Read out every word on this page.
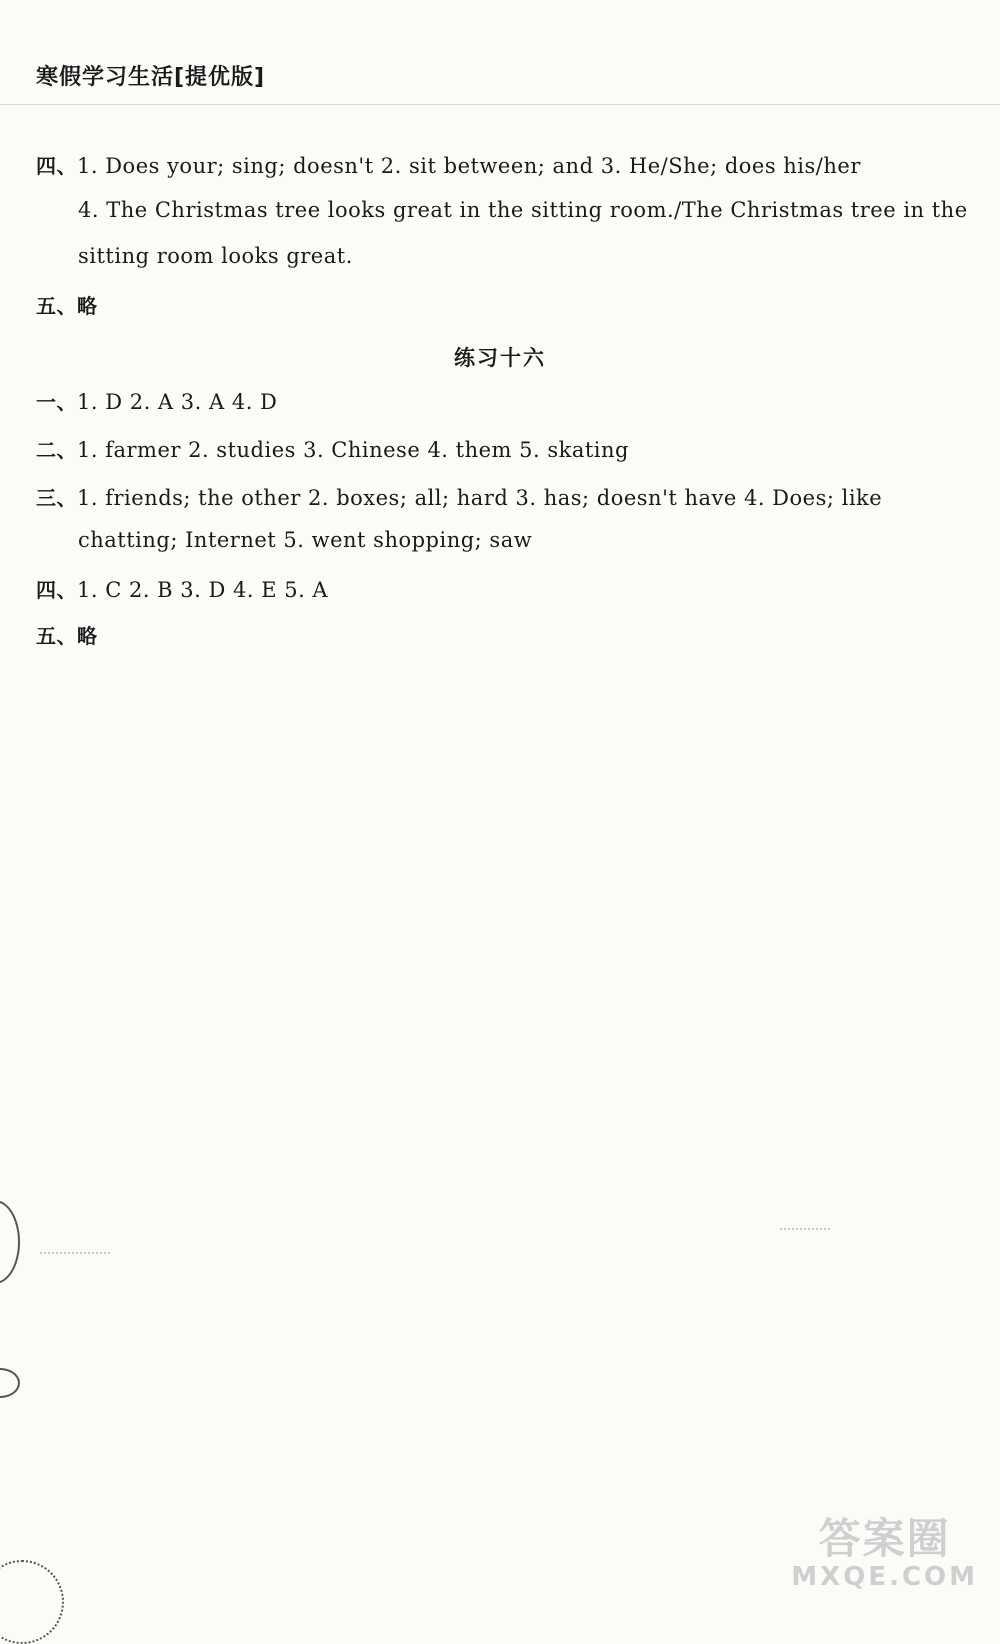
寒假学习生活[提优版]
四、1. Does your; sing; doesn't 2. sit between; and 3. He/She; does his/her
4. The Christmas tree looks great in the sitting room./The Christmas tree in the
sitting room looks great.
五、略
练习十六
一、1. D 2. A 3. A 4. D
二、1. farmer 2. studies 3. Chinese 4. them 5. skating
三、1. friends; the other 2. boxes; all; hard 3. has; doesn't have 4. Does; like
chatting; Internet 5. went shopping; saw
四、1. C 2. B 3. D 4. E 5. A
五、略
答案圈
MXQE.COM
